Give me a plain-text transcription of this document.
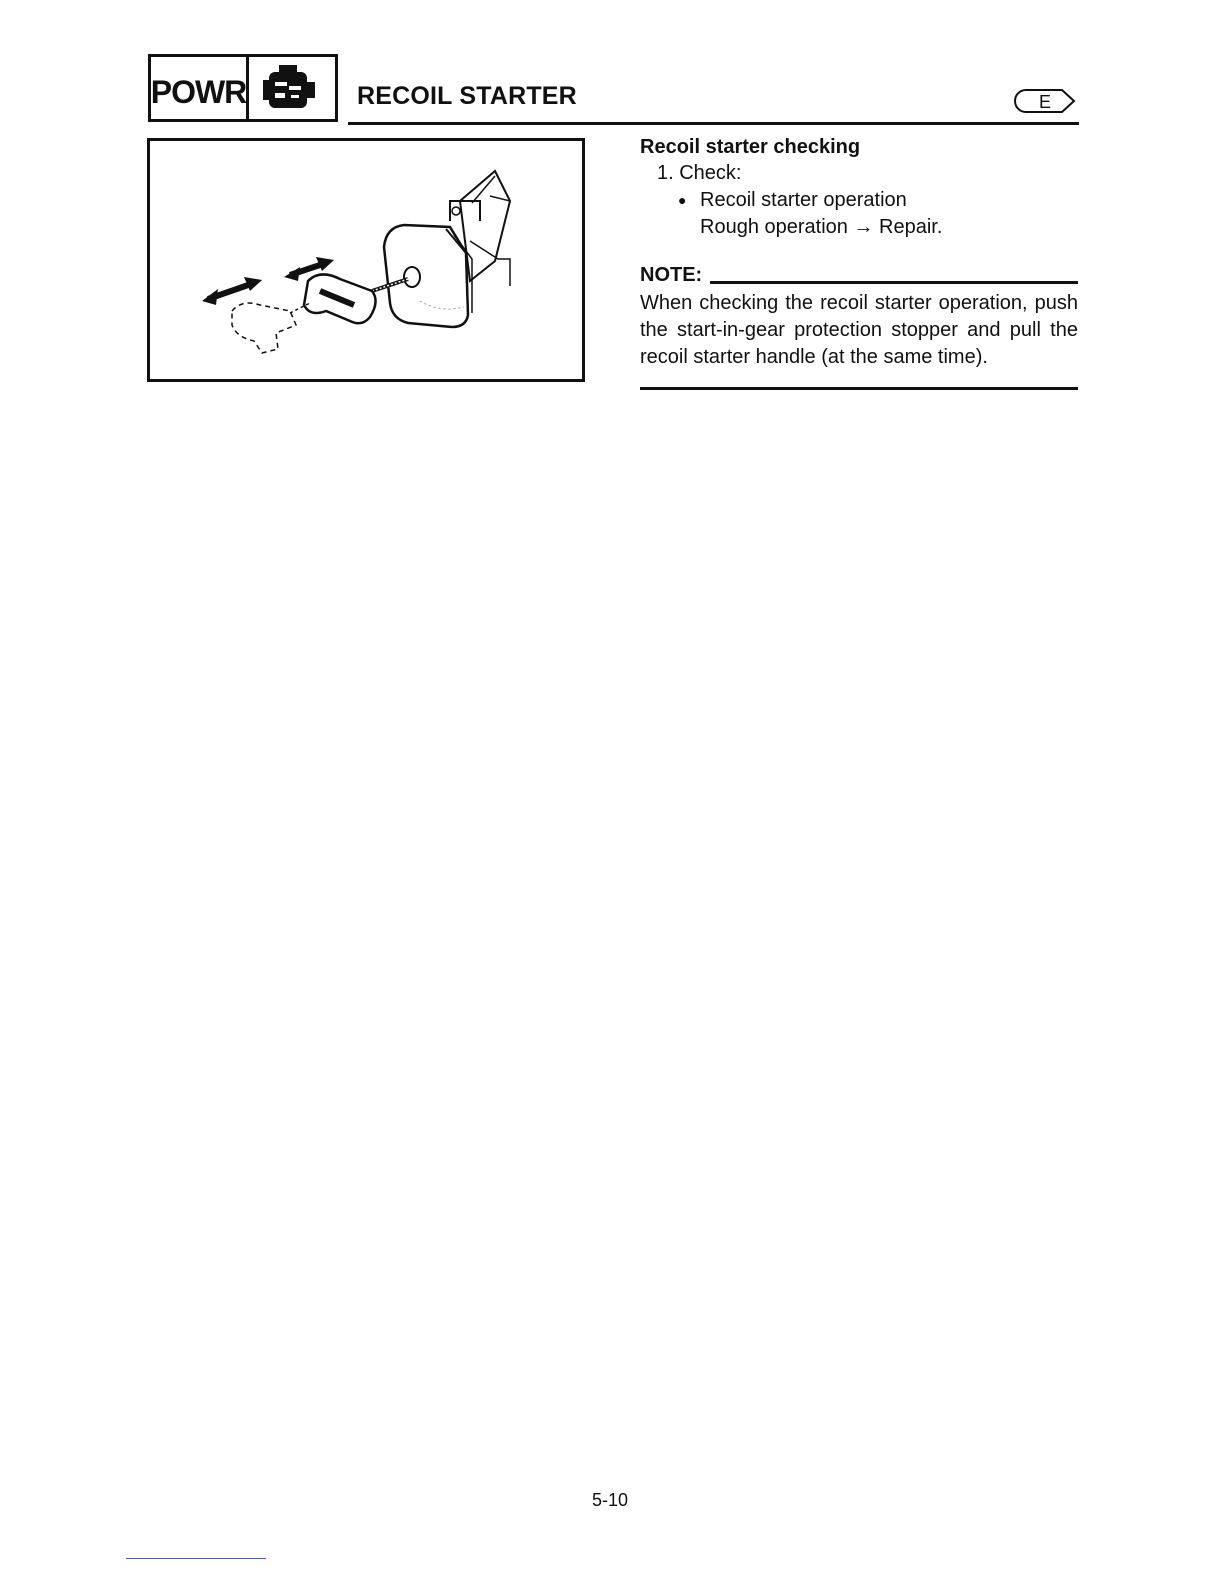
POWR	RECOIL STARTER	E

Recoil starter checking

1. Check:
● Recoil starter operation
Rough operation → Repair.
NOTE:
When checking the recoil starter operation, push the start-in-gear protection stopper and pull the recoil starter handle (at the same time).
5-10
